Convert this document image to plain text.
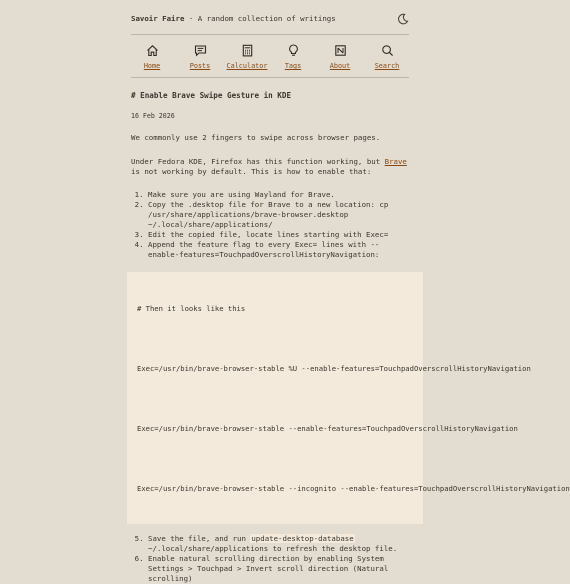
Savoir Faire · A random collection of writings
Home	Posts	Calculator	Tags	About	Search
# Enable Brave Swipe Gesture in KDE
16 Feb 2026

We commonly use 2 fingers to swipe across browser pages.

Under Fedora KDE, Firefox has this function working, but Brave is not working by default. This is how to enable that:

1. Make sure you are using Wayland for Brave.
2. Copy the .desktop file for Brave to a new location: cp /usr/share/applications/brave-browser.desktop ~/.local/share/applications/
3. Edit the copied file, locate lines starting with Exec=
4. Append the feature flag to every Exec= lines with --enable-features=TouchpadOverscrollHistoryNavigation:

# Then it looks like this

Exec=/usr/bin/brave-browser-stable %U --enable-features=TouchpadOverscrollHistoryNavigation

Exec=/usr/bin/brave-browser-stable --enable-features=TouchpadOverscrollHistoryNavigation

Exec=/usr/bin/brave-browser-stable --incognito --enable-features=TouchpadOverscrollHistoryNavigation

5. Save the file, and run update-desktop-database ~/.local/share/applications to refresh the desktop file.
6. Enable natural scrolling direction by enabling System Settings > Touchpad > Invert scroll direction (Natural scrolling)
